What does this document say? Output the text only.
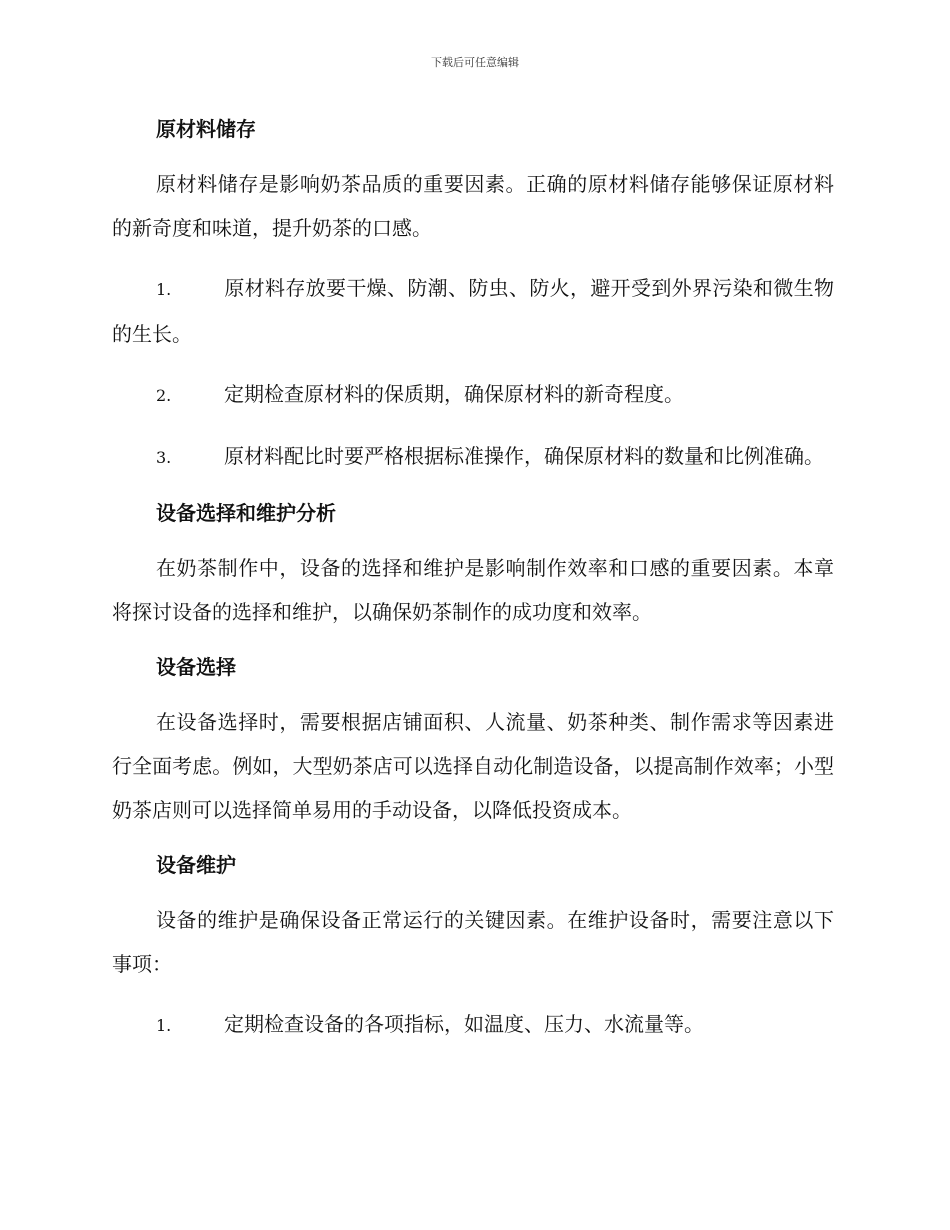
下载后可任意编辑
原材料储存

原材料储存是影响奶茶品质的重要因素。正确的原材料储存能够保证原材料的新奇度和味道，提升奶茶的口感。

1.	原材料存放要干燥、防潮、防虫、防火，避开受到外界污染和微生物的生长。

2.	定期检查原材料的保质期，确保原材料的新奇程度。

3.	原材料配比时要严格根据标准操作，确保原材料的数量和比例准确。

设备选择和维护分析

在奶茶制作中，设备的选择和维护是影响制作效率和口感的重要因素。本章将探讨设备的选择和维护，以确保奶茶制作的成功度和效率。

设备选择

在设备选择时，需要根据店铺面积、人流量、奶茶种类、制作需求等因素进行全面考虑。例如，大型奶茶店可以选择自动化制造设备，以提高制作效率；小型奶茶店则可以选择简单易用的手动设备，以降低投资成本。

设备维护

设备的维护是确保设备正常运行的关键因素。在维护设备时，需要注意以下事项：

1.	定期检查设备的各项指标，如温度、压力、水流量等。
